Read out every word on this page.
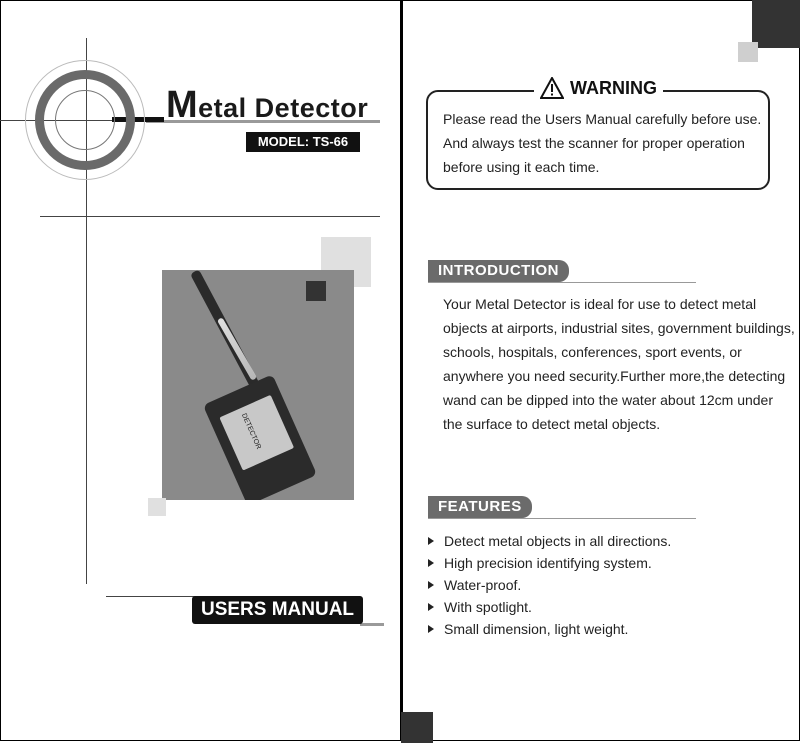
Metal Detector
MODEL: TS-66
DETECTOR
USERS MANUAL
WARNING
Please read the Users Manual carefully before use.
And always test the scanner for proper operation
before using it each time.
INTRODUCTION
Your Metal Detector is ideal for use to detect metal
objects at airports, industrial sites, government buildings,
schools, hospitals, conferences, sport events, or
anywhere you need security.Further more,the detecting
wand can be dipped into the water about 12cm under
the surface to detect metal objects.
FEATURES
Detect metal objects in all directions.
High precision identifying system.
Water-proof.
With spotlight.
Small dimension, light weight.
